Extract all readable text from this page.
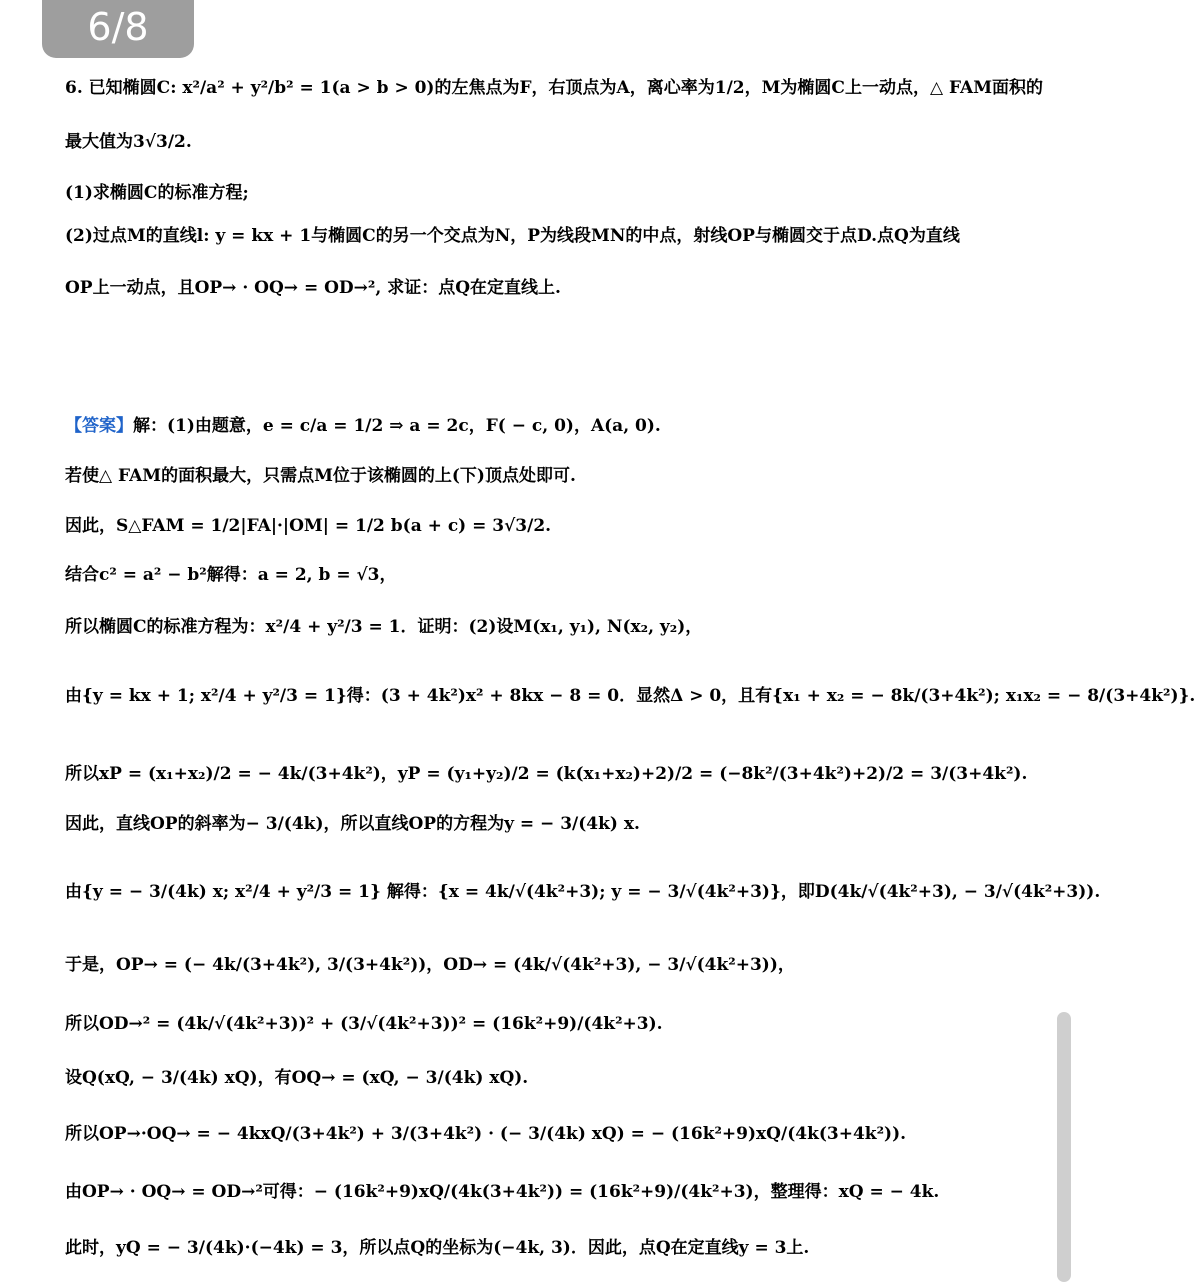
6/8
6. 已知椭圆C: x²/a² + y²/b² = 1(a > b > 0)的左焦点为F，右顶点为A，离心率为1/2，M为椭圆C上一动点，△ FAM面积的
最大值为3√3/2.
(1)求椭圆C的标准方程;
(2)过点M的直线l: y = kx + 1与椭圆C的另一个交点为N，P为线段MN的中点，射线OP与椭圆交于点D.点Q为直线
OP上一动点，且OP→ · OQ→ = OD→², 求证：点Q在定直线上.
【答案】解：(1)由题意，e = c/a = 1/2 ⇒ a = 2c，F( − c, 0)，A(a, 0).
若使△ FAM的面积最大，只需点M位于该椭圆的上(下)顶点处即可.
因此，S△FAM = 1/2|FA|·|OM| = 1/2 b(a + c) = 3√3/2.
结合c² = a² − b²解得：a = 2, b = √3，
所以椭圆C的标准方程为：x²/4 + y²/3 = 1．证明：(2)设M(x₁, y₁), N(x₂, y₂)，
由{y = kx + 1; x²/4 + y²/3 = 1}得：(3 + 4k²)x² + 8kx − 8 = 0．显然Δ > 0，且有{x₁ + x₂ = − 8k/(3+4k²); x₁x₂ = − 8/(3+4k²)}.
所以xP = (x₁+x₂)/2 = − 4k/(3+4k²)，yP = (y₁+y₂)/2 = (k(x₁+x₂)+2)/2 = (−8k²/(3+4k²)+2)/2 = 3/(3+4k²).
因此，直线OP的斜率为− 3/(4k)，所以直线OP的方程为y = − 3/(4k) x.
由{y = − 3/(4k) x; x²/4 + y²/3 = 1} 解得：{x = 4k/√(4k²+3); y = − 3/√(4k²+3)}，即D(4k/√(4k²+3), − 3/√(4k²+3)).
于是，OP→ = (− 4k/(3+4k²), 3/(3+4k²))，OD→ = (4k/√(4k²+3), − 3/√(4k²+3))，
所以OD→² = (4k/√(4k²+3))² + (3/√(4k²+3))² = (16k²+9)/(4k²+3).
设Q(xQ, − 3/(4k) xQ)，有OQ→ = (xQ, − 3/(4k) xQ).
所以OP→·OQ→ = − 4kxQ/(3+4k²) + 3/(3+4k²) · (− 3/(4k) xQ) = − (16k²+9)xQ/(4k(3+4k²)).
由OP→ · OQ→ = OD→²可得：− (16k²+9)xQ/(4k(3+4k²)) = (16k²+9)/(4k²+3)，整理得：xQ = − 4k.
此时，yQ = − 3/(4k)·(−4k) = 3，所以点Q的坐标为(−4k, 3)．因此，点Q在定直线y = 3上.
